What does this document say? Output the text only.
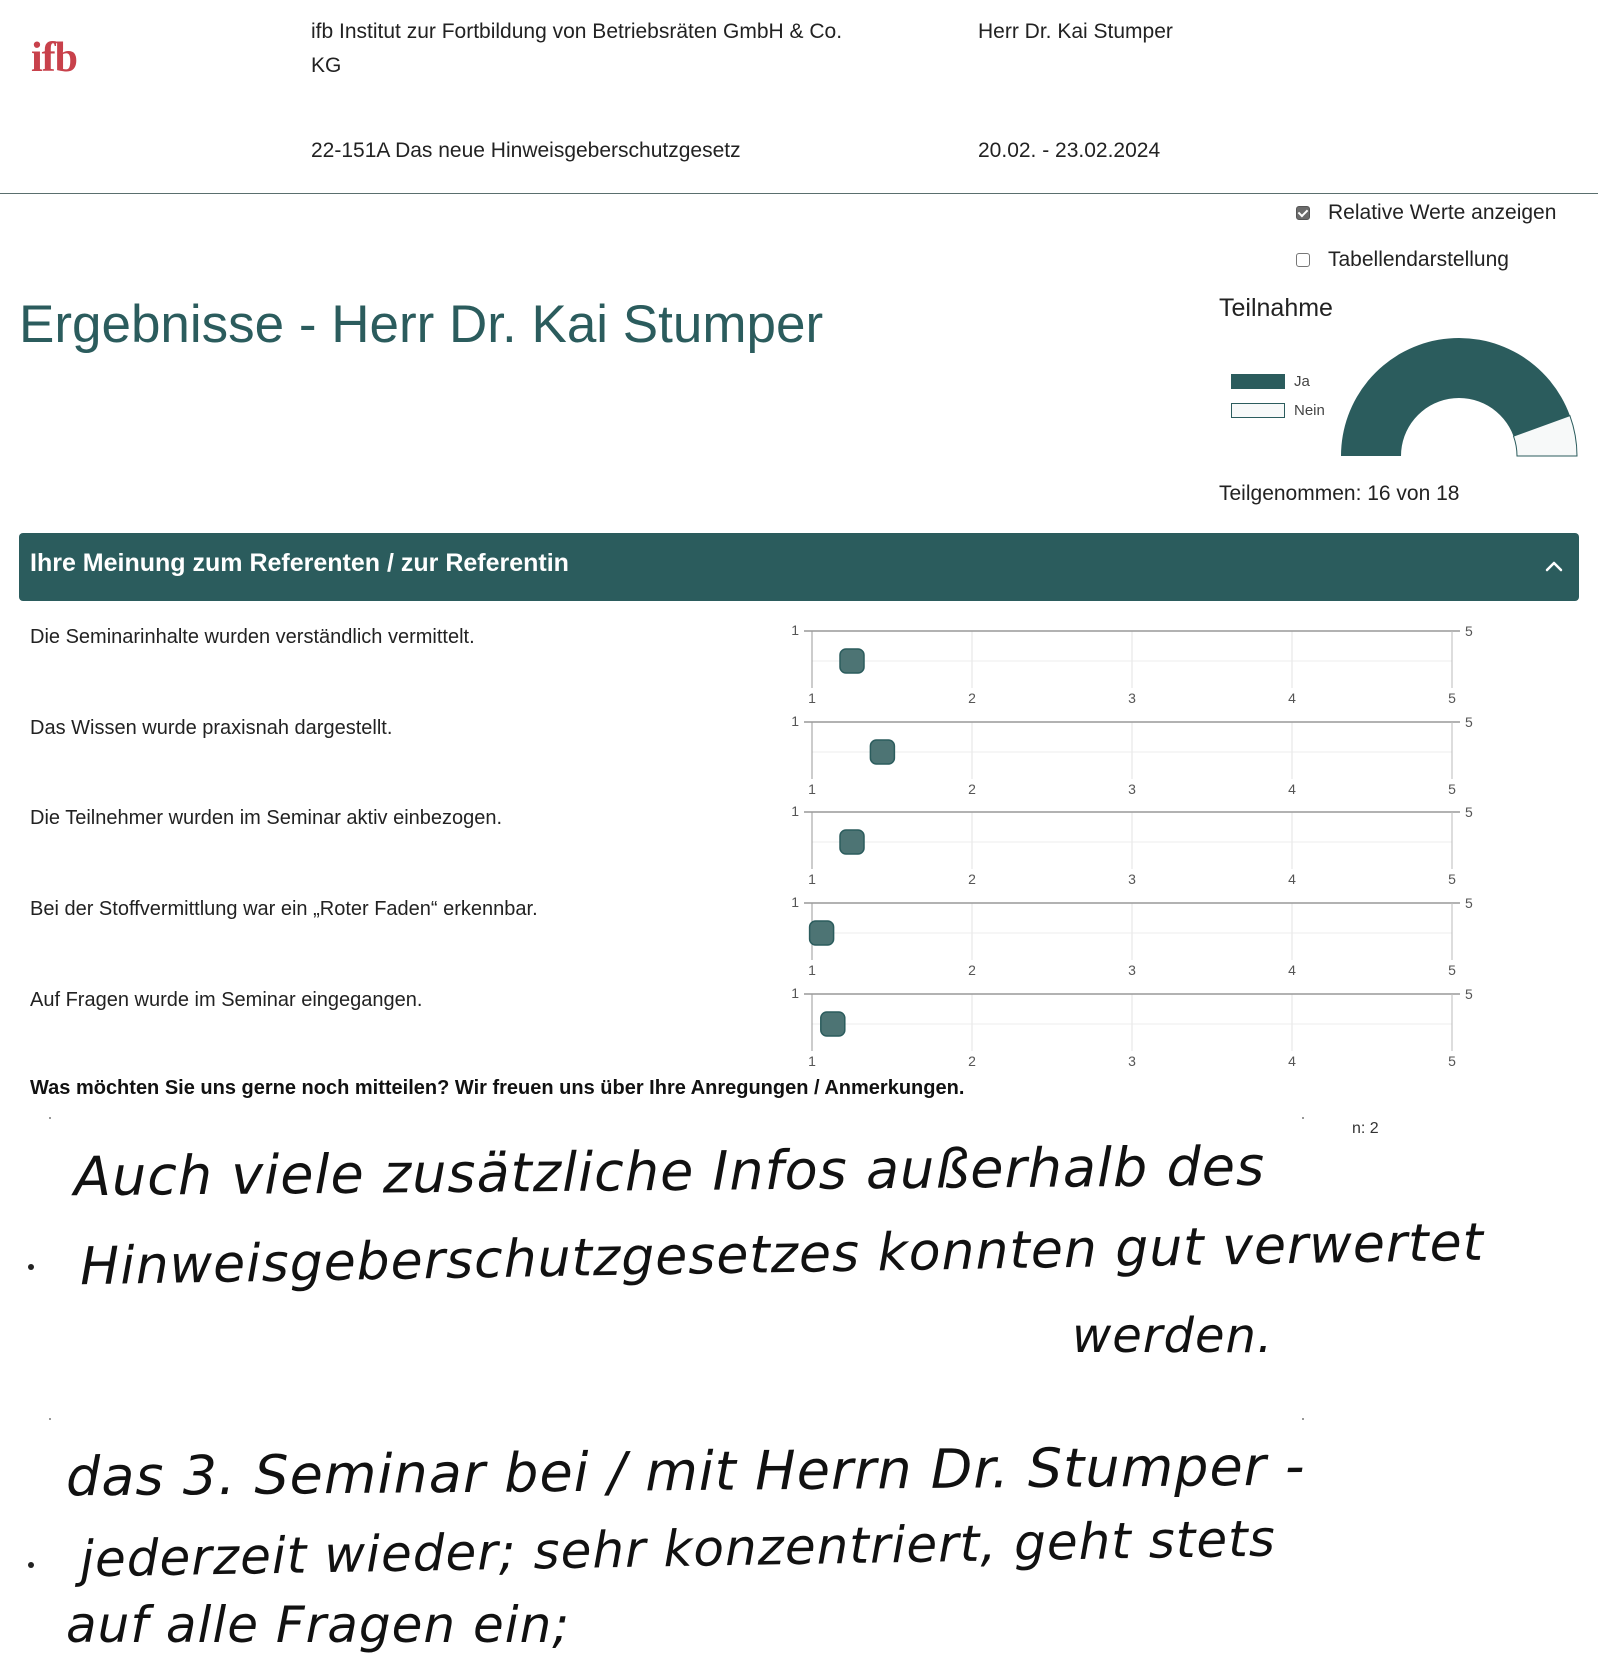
ifb
ifb Institut zur Fortbildung von Betriebsräten GmbH & Co.
KG
Herr Dr. Kai Stumper
22-151A Das neue Hinweisgeberschutzgesetz	20.02. - 23.02.2024
Relative Werte anzeigen
Tabellendarstellung
Ergebnisse - Herr Dr. Kai Stumper	Teilnahme
Ja
Nein
Teilgenommen: 16 von 18
Ihre Meinung zum Referenten / zur Referentin
Die Seminarinhalte wurden verständlich vermittelt.	1	5
1	2	3	4	5
Das Wissen wurde praxisnah dargestellt.	1	5
1	2	3	4	5
Die Teilnehmer wurden im Seminar aktiv einbezogen.	1	5
1	2	3	4	5
Bei der Stoffvermittlung war ein „Roter Faden“ erkennbar.	1	5
1	2	3	4	5
Auf Fragen wurde im Seminar eingegangen.	1	5
1	2	3	4	5
Was möchten Sie uns gerne noch mitteilen? Wir freuen uns über Ihre Anregungen / Anmerkungen.
n: 2
Auch viele zusätzliche Infos außerhalb des
Hinweisgeberschutzgesetzes konnten gut verwertet
werden.
das 3. Seminar bei / mit Herrn Dr. Stumper -
jederzeit wieder; sehr konzentriert, geht stets
auf alle Fragen ein;
